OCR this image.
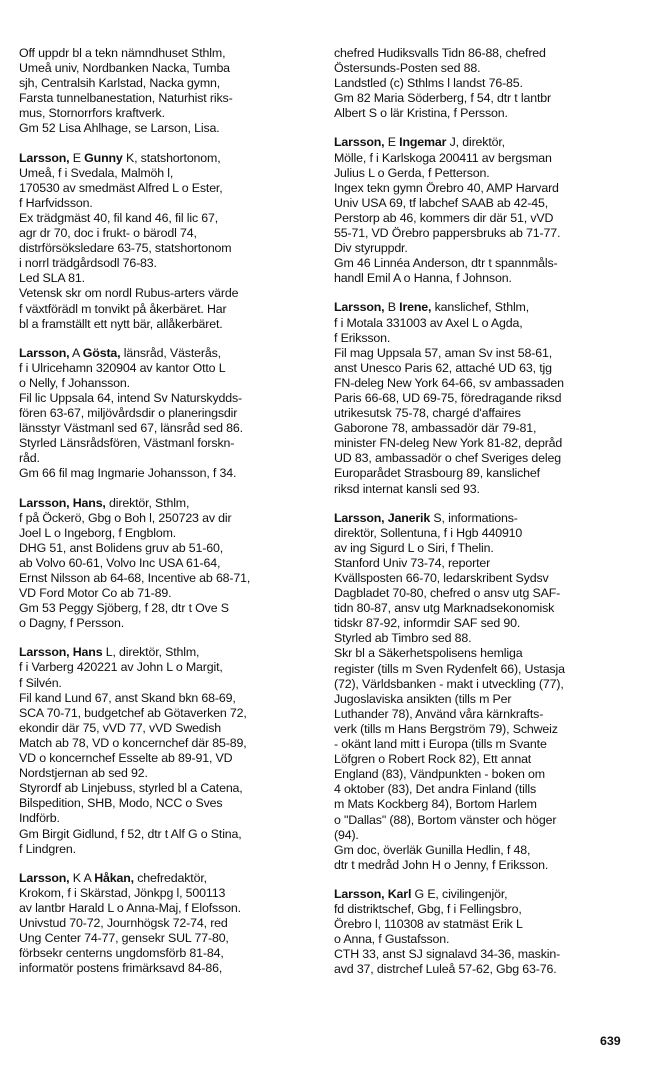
Off uppdr bl a tekn nämndhuset Sthlm,
Umeå univ, Nordbanken Nacka, Tumba
sjh, Centralsih Karlstad, Nacka gymn,
Farsta tunnelbanestation, Naturhist riks-
mus, Stornorrfors kraftverk.
Gm 52 Lisa Ahlhage, se Larson, Lisa.
Larsson, E Gunny K, statshortonom,
Umeå, f i Svedala, Malmöh l,
170530 av smedmäst Alfred L o Ester,
f Harfvidsson.
Ex trädgmäst 40, fil kand 46, fil lic 67,
agr dr 70, doc i frukt- o bärodl 74,
distrförsöksledare 63-75, statshortonom
i norrl trädgårdsodl 76-83.
Led SLA 81.
Vetensk skr om nordl Rubus-arters värde
f växtförädl m tonvikt på åkerbäret. Har
bl a framställt ett nytt bär, allåkerbäret.
Larsson, A Gösta, länsråd, Västerås,
f i Ulricehamn 320904 av kantor Otto L
o Nelly, f Johansson.
Fil lic Uppsala 64, intend Sv Naturskydds-
fören 63-67, miljövårdsdir o planeringsdir
länsstyr Västmanl sed 67, länsråd sed 86.
Styrled Länsrådsfören, Västmanl forskn-
råd.
Gm 66 fil mag Ingmarie Johansson, f 34.
Larsson, Hans, direktör, Sthlm,
f på Öckerö, Gbg o Boh l, 250723 av dir
Joel L o Ingeborg, f Engblom.
DHG 51, anst Bolidens gruv ab 51-60,
ab Volvo 60-61, Volvo Inc USA 61-64,
Ernst Nilsson ab 64-68, Incentive ab 68-71,
VD Ford Motor Co ab 71-89.
Gm 53 Peggy Sjöberg, f 28, dtr t Ove S
o Dagny, f Persson.
Larsson, Hans L, direktör, Sthlm,
f i Varberg 420221 av John L o Margit,
f Silvén.
Fil kand Lund 67, anst Skand bkn 68-69,
SCA 70-71, budgetchef ab Götaverken 72,
ekondir där 75, vVD 77, vVD Swedish
Match ab 78, VD o koncernchef där 85-89,
VD o koncernchef Esselte ab 89-91, VD
Nordstjernan ab sed 92.
Styrordf ab Linjebuss, styrled bl a Catena,
Bilspedition, SHB, Modo, NCC o Sves
Indförb.
Gm Birgit Gidlund, f 52, dtr t Alf G o Stina,
f Lindgren.
Larsson, K A Håkan, chefredaktör,
Krokom, f i Skärstad, Jönkpg l, 500113
av lantbr Harald L o Anna-Maj, f Elofsson.
Univstud 70-72, Journhögsk 72-74, red
Ung Center 74-77, gensekr SUL 77-80,
förbsekr centerns ungdomsförb 81-84,
informatör postens frimärksavd 84-86,
chefred Hudiksvalls Tidn 86-88, chefred
Östersunds-Posten sed 88.
Landstled (c) Sthlms l landst 76-85.
Gm 82 Maria Söderberg, f 54, dtr t lantbr
Albert S o lär Kristina, f Persson.
Larsson, E Ingemar J, direktör,
Mölle, f i Karlskoga 200411 av bergsman
Julius L o Gerda, f Petterson.
Ingex tekn gymn Örebro 40, AMP Harvard
Univ USA 69, tf labchef SAAB ab 42-45,
Perstorp ab 46, kommers dir där 51, vVD
55-71, VD Örebro pappersbruks ab 71-77.
Div styruppdr.
Gm 46 Linnéa Anderson, dtr t spannmåls-
handl Emil A o Hanna, f Johnson.
Larsson, B Irene, kanslichef, Sthlm,
f i Motala 331003 av Axel L o Agda,
f Eriksson.
Fil mag Uppsala 57, aman Sv inst 58-61,
anst Unesco Paris 62, attaché UD 63, tjg
FN-deleg New York 64-66, sv ambassaden
Paris 66-68, UD 69-75, föredragande riksd
utrikesutsk 75-78, chargé d'affaires
Gaborone 78, ambassadör där 79-81,
minister FN-deleg New York 81-82, depråd
UD 83, ambassadör o chef Sveriges deleg
Europarådet Strasbourg 89, kanslichef
riksd internat kansli sed 93.
Larsson, Janerik S, informations-
direktör, Sollentuna, f i Hgb 440910
av ing Sigurd L o Siri, f Thelin.
Stanford Univ 73-74, reporter
Kvällsposten 66-70, ledarskribent Sydsv
Dagbladet 70-80, chefred o ansv utg SAF-
tidn 80-87, ansv utg Marknadsekonomisk
tidskr 87-92, informdir SAF sed 90.
Styrled ab Timbro sed 88.
Skr bl a Säkerhetspolisens hemliga
register (tills m Sven Rydenfelt 66), Ustasja
(72), Världsbanken - makt i utveckling (77),
Jugoslaviska ansikten (tills m Per
Luthander 78), Använd våra kärnkrafts-
verk (tills m Hans Bergström 79), Schweiz
- okänt land mitt i Europa (tills m Svante
Löfgren o Robert Rock 82), Ett annat
England (83), Vändpunkten - boken om
4 oktober (83), Det andra Finland (tills
m Mats Kockberg 84), Bortom Harlem
o "Dallas" (88), Bortom vänster och höger
(94).
Gm doc, överläk Gunilla Hedlin, f 48,
dtr t medråd John H o Jenny, f Eriksson.
Larsson, Karl G E, civilingenjör,
fd distriktschef, Gbg, f i Fellingsbro,
Örebro l, 110308 av statmäst Erik L
o Anna, f Gustafsson.
CTH 33, anst SJ signalavd 34-36, maskin-
avd 37, distrchef Luleå 57-62, Gbg 63-76.
639
